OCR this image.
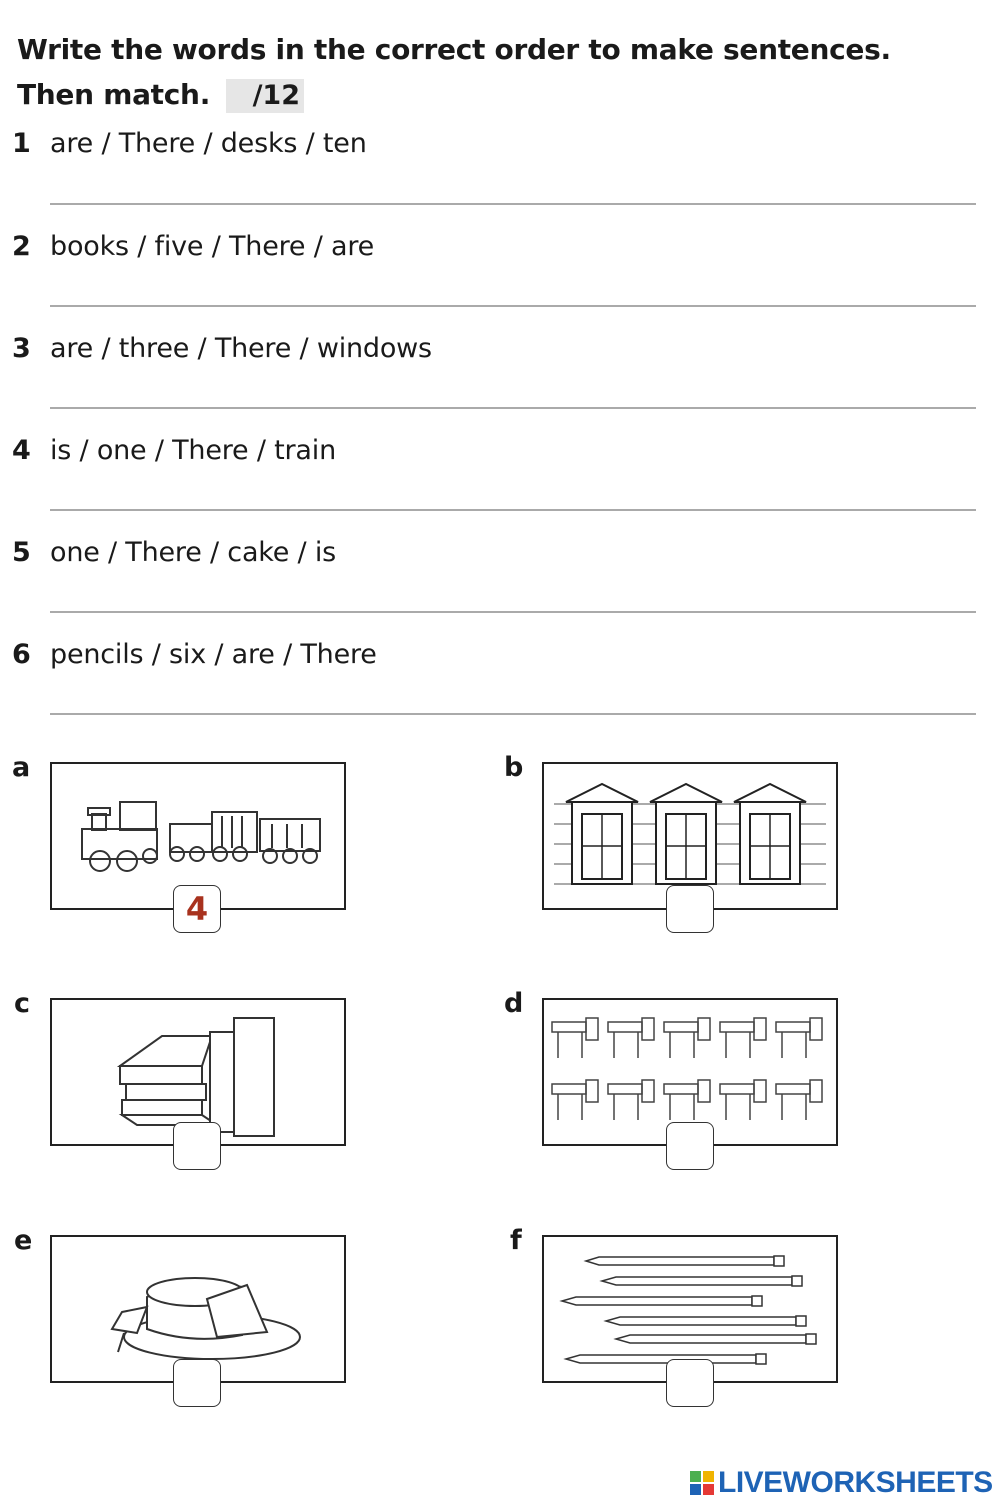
Write the words in the correct order to make sentences.
Then match.	/12
1 are / There / desks / ten
2 books / five / There / are
3 are / three / There / windows
4 is / one / There / train
5 one / There / cake / is
6 pencils / six / are / There
a
4
b
c	d
e	f
LIVEWORKSHEETS
